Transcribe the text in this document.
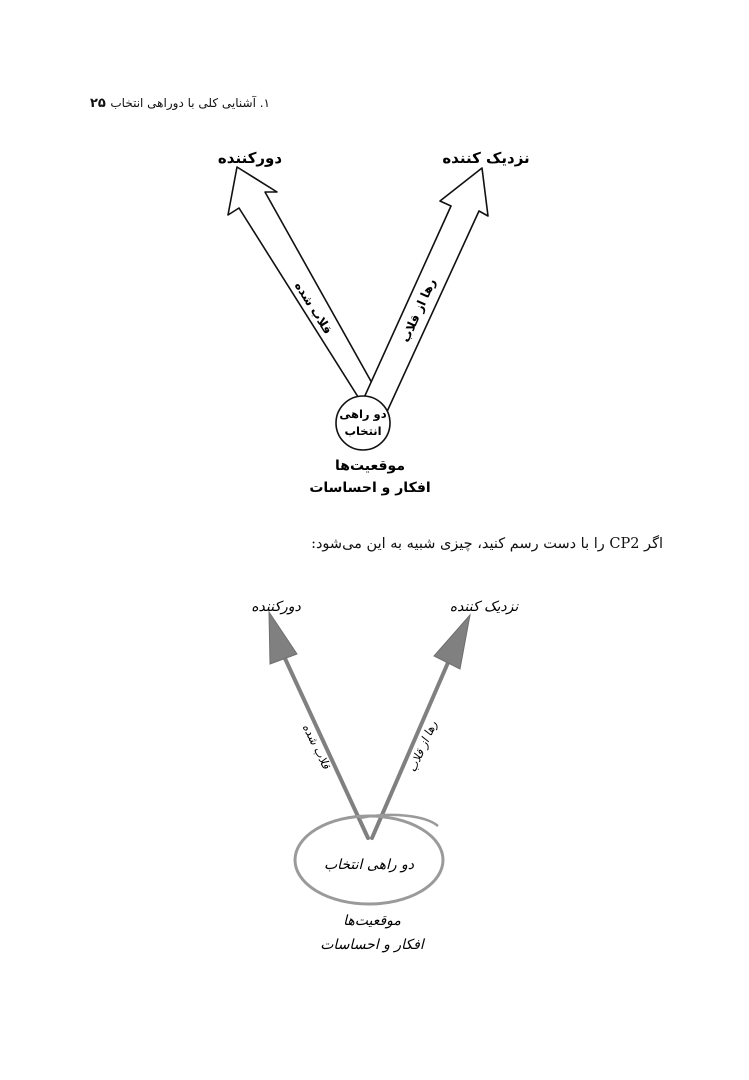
۱. آشنایی کلی با دوراهی انتخاب
۲۵
دورکننده	نزدیک کننده
قلاب شده	رها از قلاب
دو راهی
انتخاب
موقعیت‌ها
افکار و احساسات
دورکننده	نزدیک کننده
قلاب شده	رها از قلاب
دو راهی انتخاب
موقعیت‌ها
افکار و احساسات
اگر CP2 را با دست رسم کنید، چیزی شبیه به این می‌شود:
